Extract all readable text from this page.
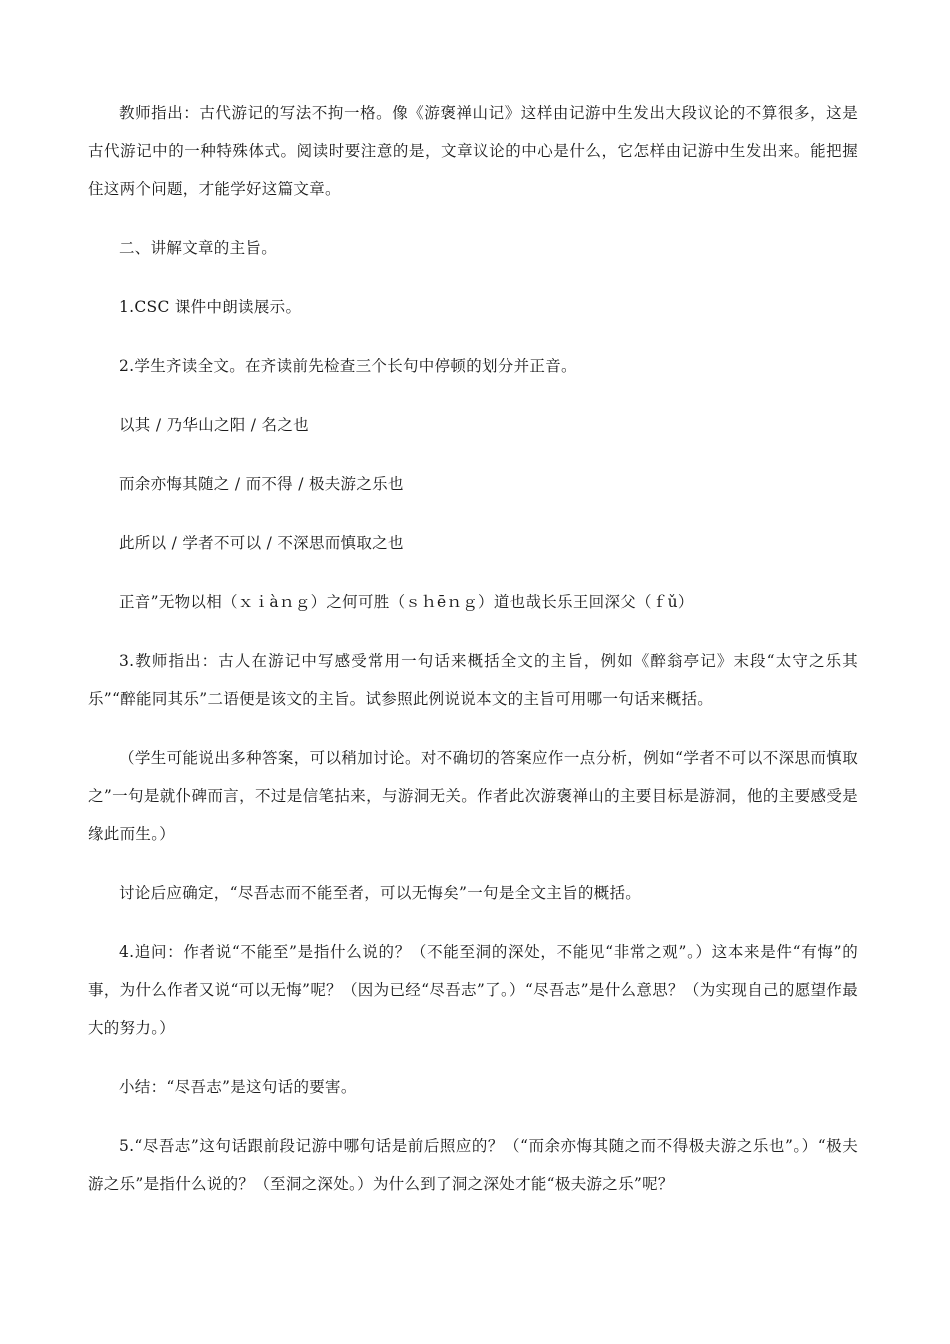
教师指出：古代游记的写法不拘一格。像《游褒禅山记》这样由记游中生发出大段议论的不算很多，这是古代游记中的一种特殊体式。阅读时要注意的是，文章议论的中心是什么，它怎样由记游中生发出来。能把握住这两个问题，才能学好这篇文章。

二、讲解文章的主旨。

1.CSC 课件中朗读展示。

2.学生齐读全文。在齐读前先检查三个长句中停顿的划分并正音。

以其 / 乃华山之阳 / 名之也

而余亦悔其随之 / 而不得 / 极夫游之乐也

此所以 / 学者不可以 / 不深思而慎取之也

正音”无物以相（ｘｉàｎｇ）之何可胜（ｓｈēｎｇ）道也哉长乐王回深父（ｆǔ）

3.教师指出：古人在游记中写感受常用一句话来概括全文的主旨，例如《醉翁亭记》末段“太守之乐其乐”“醉能同其乐”二语便是该文的主旨。试参照此例说说本文的主旨可用哪一句话来概括。

（学生可能说出多种答案，可以稍加讨论。对不确切的答案应作一点分析，例如“学者不可以不深思而慎取之”一句是就仆碑而言，不过是信笔拈来，与游洞无关。作者此次游褒禅山的主要目标是游洞，他的主要感受是缘此而生。）

讨论后应确定，“尽吾志而不能至者，可以无悔矣”一句是全文主旨的概括。

4.追问：作者说“不能至”是指什么说的？（不能至洞的深处，不能见“非常之观”。）这本来是件“有悔”的事，为什么作者又说“可以无悔”呢？（因为已经“尽吾志”了。）“尽吾志”是什么意思？（为实现自己的愿望作最大的努力。）

小结：“尽吾志”是这句话的要害。

5.“尽吾志”这句话跟前段记游中哪句话是前后照应的？（“而余亦悔其随之而不得极夫游之乐也”。）“极夫游之乐”是指什么说的？（至洞之深处。）为什么到了洞之深处才能“极夫游之乐”呢？
